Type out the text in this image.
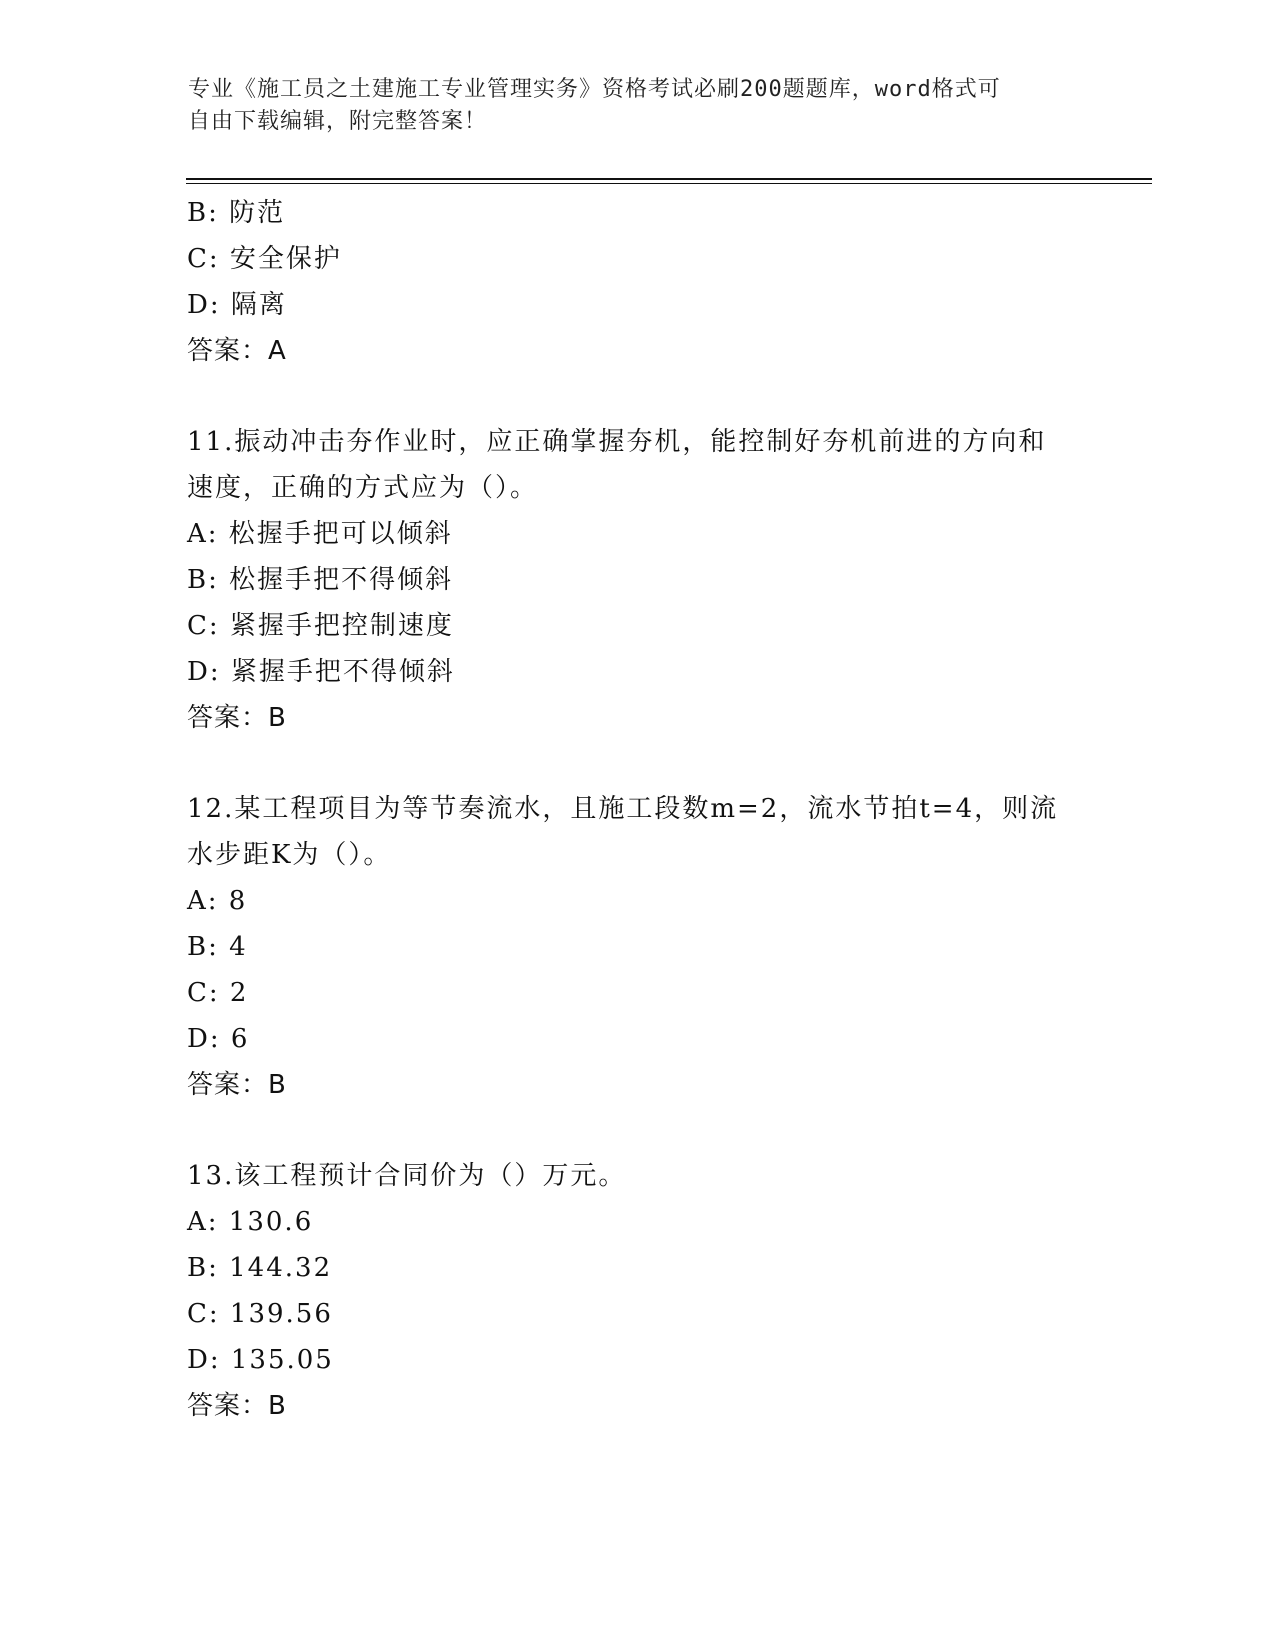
专业《施工员之土建施工专业管理实务》资格考试必刷200题题库，word格式可
自由下载编辑，附完整答案！
B: 防范
C: 安全保护
D: 隔离
答案：A
11.振动冲击夯作业时，应正确掌握夯机，能控制好夯机前进的方向和
速度，正确的方式应为（）。
A: 松握手把可以倾斜
B: 松握手把不得倾斜
C: 紧握手把控制速度
D: 紧握手把不得倾斜
答案：B
12.某工程项目为等节奏流水，且施工段数m=2，流水节拍t=4，则流
水步距K为（）。
A: 8
B: 4
C: 2
D: 6
答案：B
13.该工程预计合同价为（）万元。
A: 130.6
B: 144.32
C: 139.56
D: 135.05
答案：B
